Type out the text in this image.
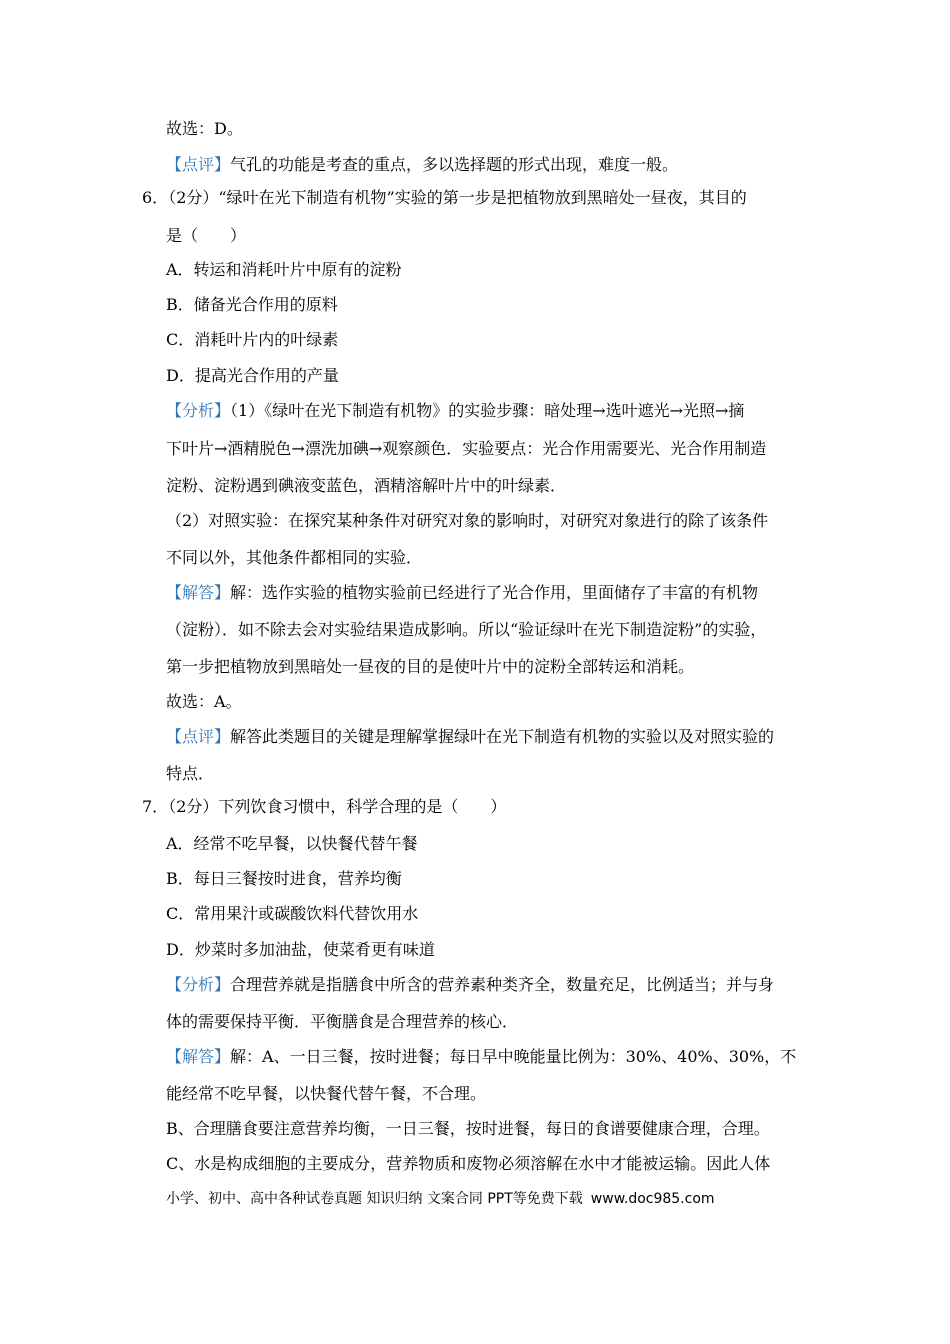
故选：D。
【点评】气孔的功能是考查的重点，多以选择题的形式出现，难度一般。
6．（2分）“绿叶在光下制造有机物”实验的第一步是把植物放到黑暗处一昼夜，其目的
是（　　）
A．转运和消耗叶片中原有的淀粉
B．储备光合作用的原料
C．消耗叶片内的叶绿素
D．提高光合作用的产量
【分析】（1）《绿叶在光下制造有机物》的实验步骤：暗处理→选叶遮光→光照→摘
下叶片→酒精脱色→漂洗加碘→观察颜色．实验要点：光合作用需要光、光合作用制造
淀粉、淀粉遇到碘液变蓝色，酒精溶解叶片中的叶绿素．
（2）对照实验：在探究某种条件对研究对象的影响时，对研究对象进行的除了该条件
不同以外，其他条件都相同的实验．
【解答】解：选作实验的植物实验前已经进行了光合作用，里面储存了丰富的有机物
（淀粉）．如不除去会对实验结果造成影响。所以“验证绿叶在光下制造淀粉”的实验，
第一步把植物放到黑暗处一昼夜的目的是使叶片中的淀粉全部转运和消耗。
故选：A。
【点评】解答此类题目的关键是理解掌握绿叶在光下制造有机物的实验以及对照实验的
特点．
7．（2分）下列饮食习惯中，科学合理的是（　　）
A．经常不吃早餐，以快餐代替午餐
B．每日三餐按时进食，营养均衡
C．常用果汁或碳酸饮料代替饮用水
D．炒菜时多加油盐，使菜肴更有味道
【分析】合理营养就是指膳食中所含的营养素种类齐全，数量充足，比例适当；并与身
体的需要保持平衡．平衡膳食是合理营养的核心．
【解答】解：A、一日三餐，按时进餐；每日早中晚能量比例为：30%、40%、30%，不
能经常不吃早餐，以快餐代替午餐，不合理。
B、合理膳食要注意营养均衡，一日三餐，按时进餐，每日的食谱要健康合理，合理。
C、水是构成细胞的主要成分，营养物质和废物必须溶解在水中才能被运输。因此人体
小学、初中、高中各种试卷真题 知识归纳 文案合同 PPT等免费下载 www.doc985.com
